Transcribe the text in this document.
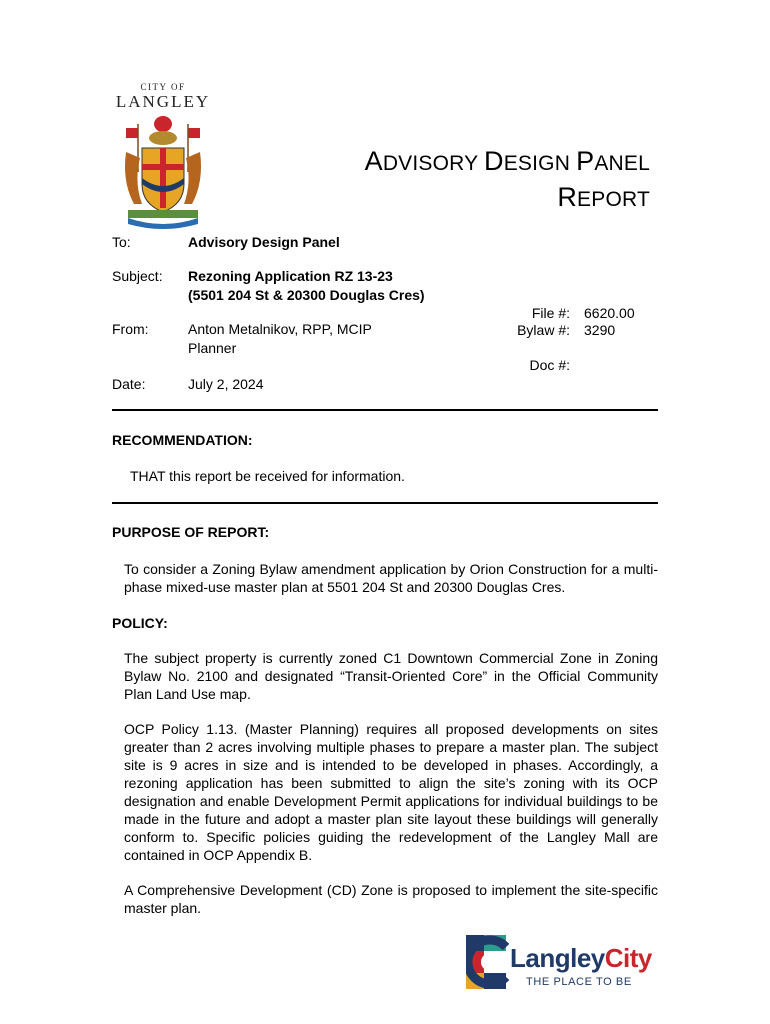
CITY OF
LANGLEY
ADVISORY DESIGN PANEL
REPORT
To:	Advisory Design Panel
Subject: Rezoning Application RZ 13-23
(5501 204 St & 20300 Douglas Cres)
From:	Anton Metalnikov, RPP, MCIP
Planner
Date:	July 2, 2024
File #: 6620.00
Bylaw #: 3290
Doc #:
RECOMMENDATION:
THAT this report be received for information.
PURPOSE OF REPORT:
To consider a Zoning Bylaw amendment application by Orion Construction for a multi-phase mixed-use master plan at 5501 204 St and 20300 Douglas Cres.
POLICY:
The subject property is currently zoned C1 Downtown Commercial Zone in Zoning Bylaw No. 2100 and designated “Transit-Oriented Core” in the Official Community Plan Land Use map.
OCP Policy 1.13. (Master Planning) requires all proposed developments on sites greater than 2 acres involving multiple phases to prepare a master plan. The subject site is 9 acres in size and is intended to be developed in phases. Accordingly, a rezoning application has been submitted to align the site’s zoning with its OCP designation and enable Development Permit applications for individual buildings to be made in the future and adopt a master plan site layout these buildings will generally conform to. Specific policies guiding the redevelopment of the Langley Mall are contained in OCP Appendix B.
A Comprehensive Development (CD) Zone is proposed to implement the site-specific master plan.
LangleyCity
THE PLACE TO BE
